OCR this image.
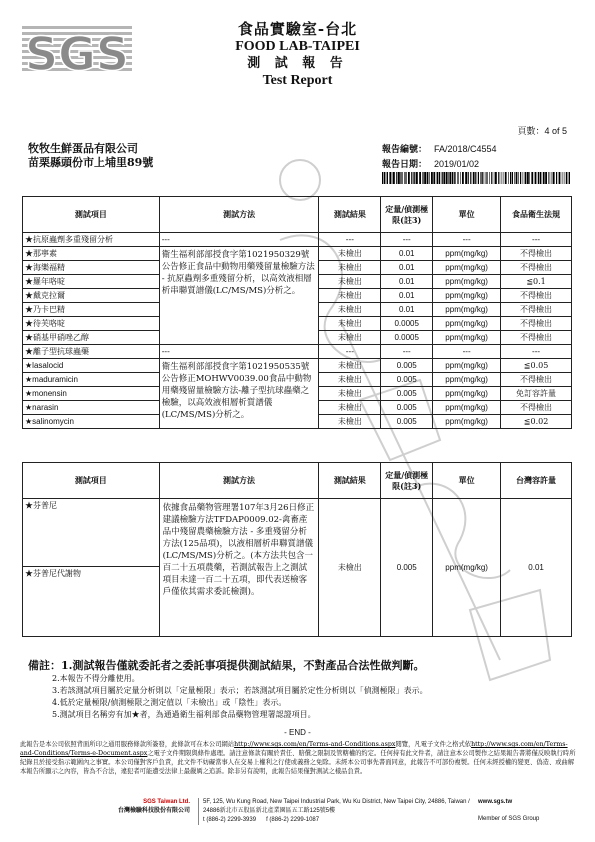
SGS	食品實驗室-台北
FOOD LAB-TAIPEI
測 試 報 告
Test Report
頁數：4 of 5
牧牧生鮮蛋品有限公司
苗栗縣頭份市上埔里89號
報告編號： FA/2018/C4554
報告日期： 2019/01/02
測試項目	測試方法	測試結果	定量/偵測極限(註3)	單位	食品衛生法規
★抗原蟲劑多重殘留分析	---	---	---	---	---
★那寧素	衛生福利部部授食字第1021950329號公告修正食品中動物用藥殘留量檢驗方法 - 抗原蟲劑多重殘留分析，以高效液相層析串聯質譜儀(LC/MS/MS)分析之。	未檢出	0.01	ppm(mg/kg)	不得檢出
★海樂福精		未檢出	0.01	ppm(mg/kg)	不得檢出
★羅年咯啶		未檢出	0.01	ppm(mg/kg)	≦0.1
★戴克拉爾		未檢出	0.01	ppm(mg/kg)	不得檢出
★乃卡巴精		未檢出	0.01	ppm(mg/kg)	不得檢出
★待芙咯啶		未檢出	0.0005	ppm(mg/kg)	不得檢出
★硝基甲硝唑乙醇		未檢出	0.0005	ppm(mg/kg)	不得檢出
★離子型抗球蟲藥	---	---	---	---	---
★lasalocid	衛生福利部部授食字第1021950535號公告修正MOHWV0039.00食品中動物用藥殘留量檢驗方法-離子型抗球蟲藥之檢驗，以高效液相層析質譜儀(LC/MS/MS)分析之。	未檢出	0.005	ppm(mg/kg)	≦0.05
★maduramicin		未檢出	0.005	ppm(mg/kg)	不得檢出
★monensin		未檢出	0.005	ppm(mg/kg)	免訂容許量
★narasin		未檢出	0.005	ppm(mg/kg)	不得檢出
★salinomycin		未檢出	0.005	ppm(mg/kg)	≦0.02
測試項目	測試方法	測試結果	定量/偵測極限(註3)	單位	台灣容許量
★芬普尼	依據食品藥物管理署107年3月26日修正建議檢驗方法TFDAP0009.02-禽畜產品中殘留農藥檢驗方法 - 多重殘留分析方法(125品項)，以液相層析串聯質譜儀(LC/MS/MS)分析之。(本方法共包含一百二十五項農藥，若測試報告上之測試項目未達一百二十五項，即代表送檢客戶僅依其需求委託檢測)。	未檢出	0.005	ppm(mg/kg)	0.01
★芬普尼代謝物					
備註：1.測試報告僅就委託者之委託事項提供測試結果，不對產品合法性做判斷。
2.本報告不得分離使用。
3.若該測試項目屬於定量分析則以「定量極限」表示；若該測試項目屬於定性分析則以「偵測極限」表示。
4.低於定量極限/偵測極限之測定值以「未檢出」或「陰性」表示。
5.測試項目名稱旁有加★者，為通過衛生福利部食品藥物管理署認證項目。
- END -
此報告是本公司依照背面所印之通用服務條款所簽發，此條款可在本公司網站http://www.sgs.com/en/Terms-and-Conditions.aspx閱覽，凡電子文件之格式依http://www.sgs.com/en/Terms-and-Conditions/Terms-e-Document.aspx之電子文件期限與條件處理。請注意條款有關於責任、賠償之限制及管轄權的約定。任何持有此文件者，請注意本公司製作之結果報告書將僅反映執行時所紀錄且於接受指示範圍內之事實。本公司僅對客戶負責，此文件不妨礙當事人在交易上權利之行使或義務之免除。未經本公司事先書面同意，此報告不可部份複製。任何未經授權的變更、偽造、或曲解本報告所顯示之內容，皆為不合法，違犯者可能遭受法律上最嚴厲之追訴。除非另有說明，此報告結果僅對測試之樣品負責。
SGS Taiwan Ltd.
台灣檢驗科技股份有限公司
5F, 125, Wu Kung Road, New Taipei Industrial Park, Wu Ku District, New Taipei City, 24886, Taiwan / 24886新北市五股區新北產業園區五工路125號5樓
t (886-2) 2299-3939 f (886-2) 2299-1087
www.sgs.tw
Member of SGS Group
